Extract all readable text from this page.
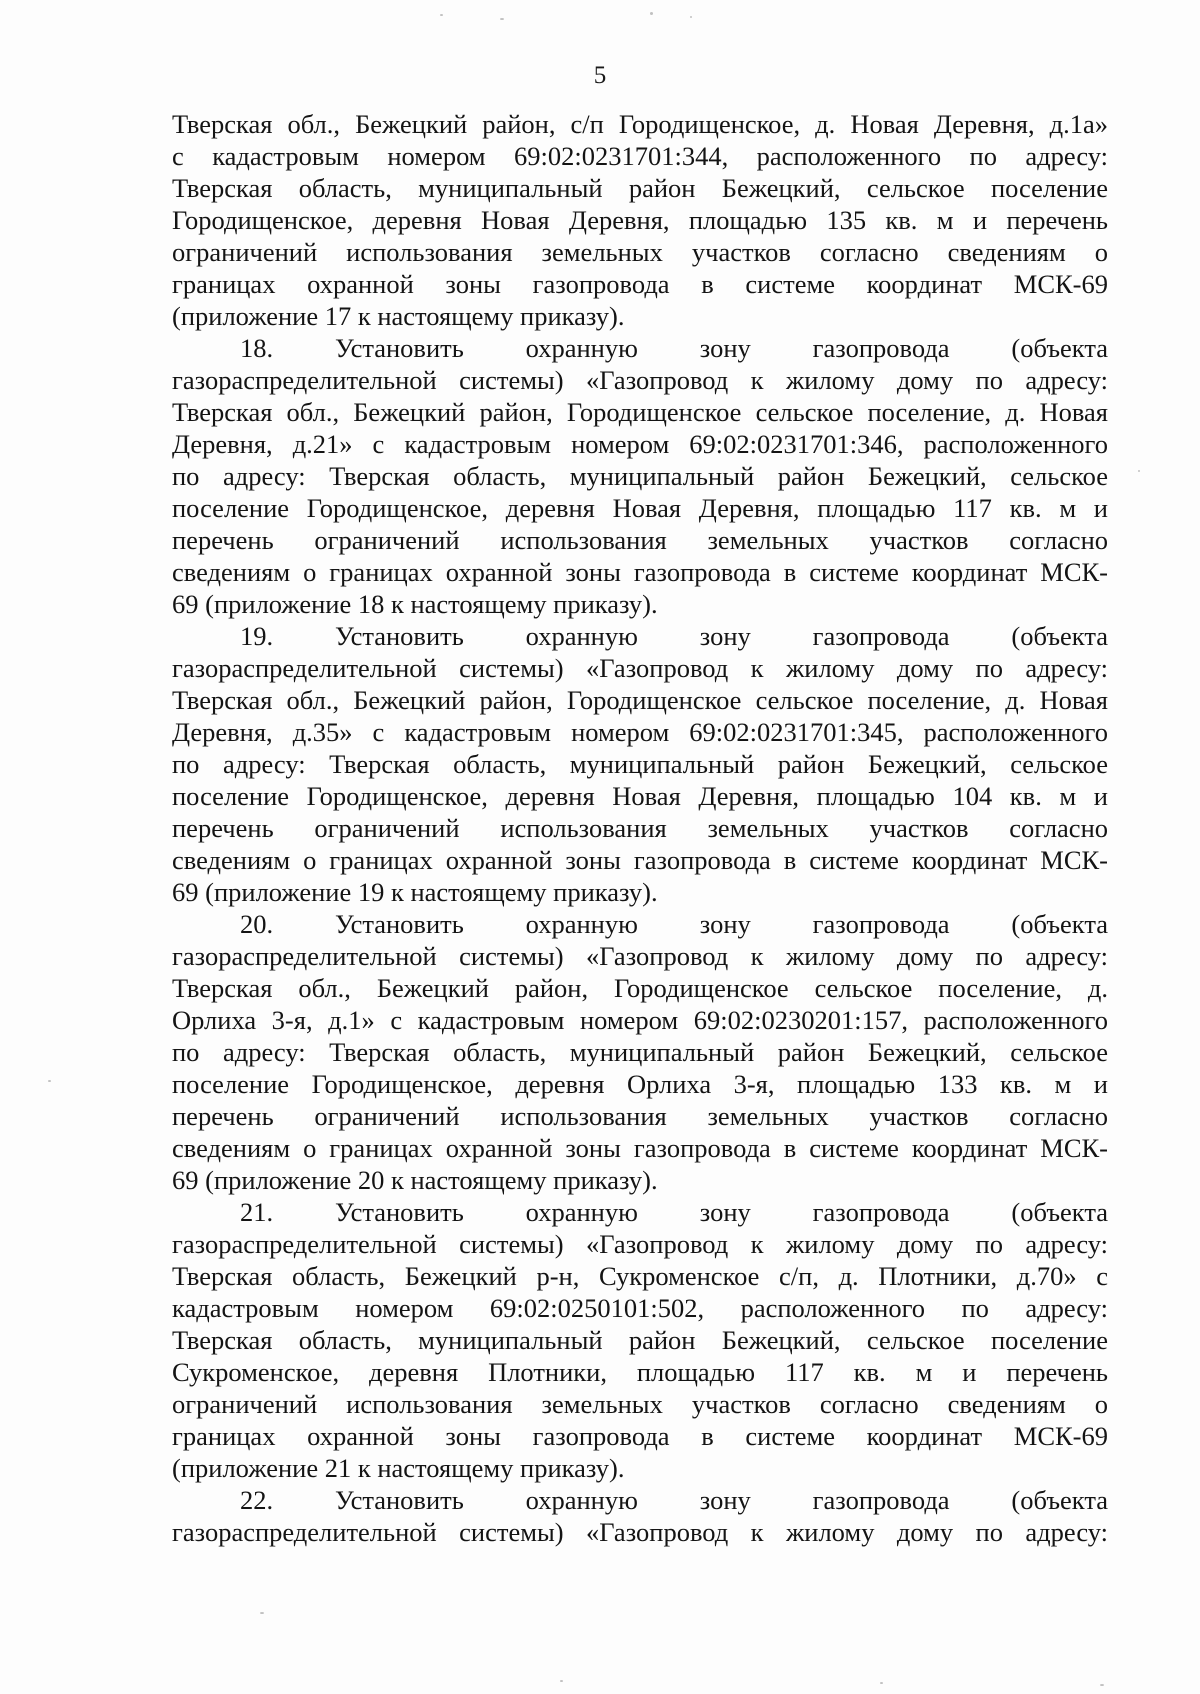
5
Тверская обл., Бежецкий район, с/п Городищенское, д. Новая Деревня, д.1а»
с кадастровым номером 69:02:0231701:344, расположенного по адресу:
Тверская область, муниципальный район Бежецкий, сельское поселение
Городищенское, деревня Новая Деревня, площадью 135 кв. м и перечень
ограничений использования земельных участков согласно сведениям о
границах охранной зоны газопровода в системе координат МСК-69
(приложение 17 к настоящему приказу).
18. Установить охранную зону газопровода (объекта
газораспределительной системы) «Газопровод к жилому дому по адресу:
Тверская обл., Бежецкий район, Городищенское сельское поселение, д. Новая
Деревня, д.21» с кадастровым номером 69:02:0231701:346, расположенного
по адресу: Тверская область, муниципальный район Бежецкий, сельское
поселение Городищенское, деревня Новая Деревня, площадью 117 кв. м и
перечень ограничений использования земельных участков согласно
сведениям о границах охранной зоны газопровода в системе координат МСК-
69 (приложение 18 к настоящему приказу).
19. Установить охранную зону газопровода (объекта
газораспределительной системы) «Газопровод к жилому дому по адресу:
Тверская обл., Бежецкий район, Городищенское сельское поселение, д. Новая
Деревня, д.35» с кадастровым номером 69:02:0231701:345, расположенного
по адресу: Тверская область, муниципальный район Бежецкий, сельское
поселение Городищенское, деревня Новая Деревня, площадью 104 кв. м и
перечень ограничений использования земельных участков согласно
сведениям о границах охранной зоны газопровода в системе координат МСК-
69 (приложение 19 к настоящему приказу).
20. Установить охранную зону газопровода (объекта
газораспределительной системы) «Газопровод к жилому дому по адресу:
Тверская обл., Бежецкий район, Городищенское сельское поселение, д.
Орлиха 3-я, д.1» с кадастровым номером 69:02:0230201:157, расположенного
по адресу: Тверская область, муниципальный район Бежецкий, сельское
поселение Городищенское, деревня Орлиха 3-я, площадью 133 кв. м и
перечень ограничений использования земельных участков согласно
сведениям о границах охранной зоны газопровода в системе координат МСК-
69 (приложение 20 к настоящему приказу).
21. Установить охранную зону газопровода (объекта
газораспределительной системы) «Газопровод к жилому дому по адресу:
Тверская область, Бежецкий р-н, Сукроменское с/п, д. Плотники, д.70» с
кадастровым номером 69:02:0250101:502, расположенного по адресу:
Тверская область, муниципальный район Бежецкий, сельское поселение
Сукроменское, деревня Плотники, площадью 117 кв. м и перечень
ограничений использования земельных участков согласно сведениям о
границах охранной зоны газопровода в системе координат МСК-69
(приложение 21 к настоящему приказу).
22. Установить охранную зону газопровода (объекта
газораспределительной системы) «Газопровод к жилому дому по адресу:
